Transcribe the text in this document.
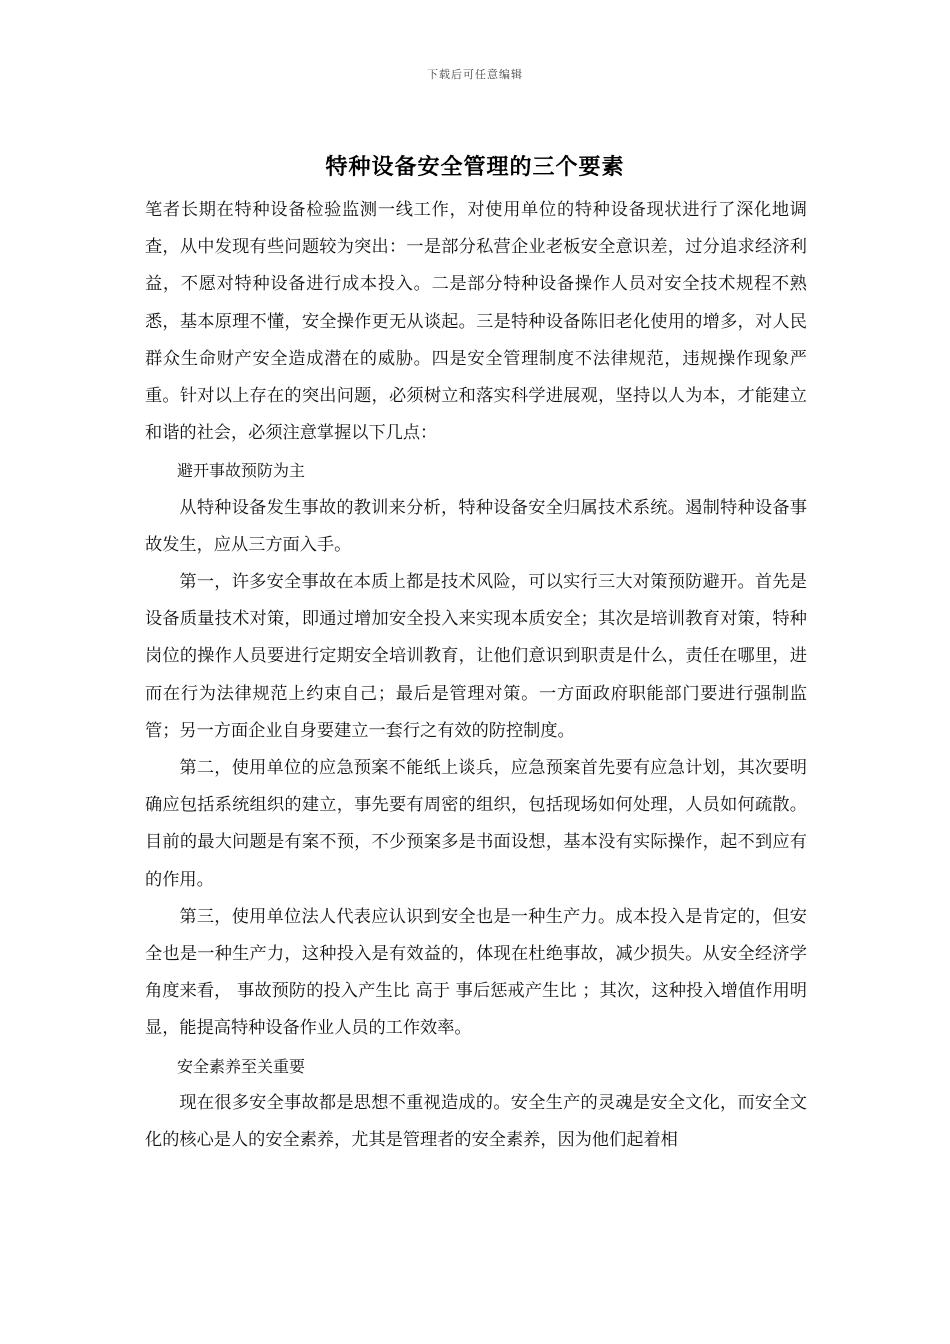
下载后可任意编辑
特种设备安全管理的三个要素

笔者长期在特种设备检验监测一线工作，对使用单位的特种设备现状进行了深化地调查，从中发现有些问题较为突出：一是部分私营企业老板安全意识差，过分追求经济利益，不愿对特种设备进行成本投入。二是部分特种设备操作人员对安全技术规程不熟悉，基本原理不懂，安全操作更无从谈起。三是特种设备陈旧老化使用的增多，对人民群众生命财产安全造成潜在的威胁。四是安全管理制度不法律规范，违规操作现象严重。针对以上存在的突出问题，必须树立和落实科学进展观，坚持以人为本，才能建立和谐的社会，必须注意掌握以下几点：

避开事故预防为主

从特种设备发生事故的教训来分析，特种设备安全归属技术系统。遏制特种设备事故发生，应从三方面入手。

第一，许多安全事故在本质上都是技术风险，可以实行三大对策预防避开。首先是设备质量技术对策，即通过增加安全投入来实现本质安全；其次是培训教育对策，特种岗位的操作人员要进行定期安全培训教育，让他们意识到职责是什么，责任在哪里，进而在行为法律规范上约束自己；最后是管理对策。一方面政府职能部门要进行强制监管；另一方面企业自身要建立一套行之有效的防控制度。

第二，使用单位的应急预案不能纸上谈兵，应急预案首先要有应急计划，其次要明确应包括系统组织的建立，事先要有周密的组织，包括现场如何处理，人员如何疏散。目前的最大问题是有案不预，不少预案多是书面设想，基本没有实际操作，起不到应有的作用。

第三，使用单位法人代表应认识到安全也是一种生产力。成本投入是肯定的，但安全也是一种生产力，这种投入是有效益的，体现在杜绝事故，减少损失。从安全经济学角度来看， 事故预防的投入产生比 高于 事后惩戒产生比 ；其次，这种投入增值作用明显，能提高特种设备作业人员的工作效率。

安全素养至关重要

现在很多安全事故都是思想不重视造成的。安全生产的灵魂是安全文化，而安全文化的核心是人的安全素养，尤其是管理者的安全素养，因为他们起着相
